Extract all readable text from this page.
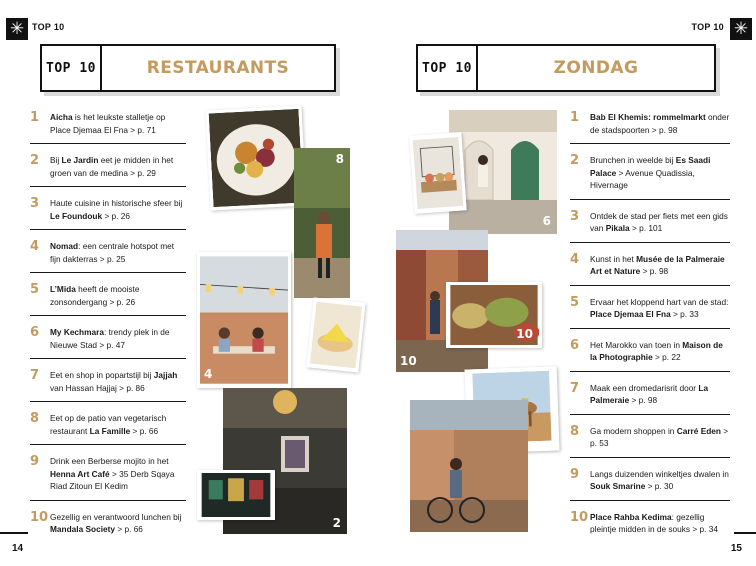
✳ TOP 10	TOP 10 ✳
TOP 10	RESTAURANTS	TOP 10	ZONDAG
1	Aicha is het leukste stalletje op Place Djemaa El Fna > p. 71
2	Bij Le Jardin eet je midden in het groen van de medina > p. 29
3	Haute cuisine in historische sfeer bij Le Foundouk > p. 26
4	Nomad: een centrale hotspot met fijn dakterras > p. 25
5	L’Mida heeft de mooiste zonsondergang > p. 26
6	My Kechmara: trendy plek in de Nieuwe Stad > p. 47
7	Eet en shop in popartstijl bij Jajjah van Hassan Hajjaj > p. 86
8	Eet op de patio van vegetarisch restaurant La Famille > p. 66
9	Drink een Berberse mojito in het Henna Art Café > 35 Derb Sqaya Riad Zitoun El Kedim
10 Gezellig en verantwoord lunchen bij Mandala Society > p. 66
1	Bab El Khemis: rommelmarkt onder de stadspoorten > p. 98
2	Brunchen in weelde bij Es Saadi Palace > Avenue Quadissia, Hivernage
3	Ontdek de stad per fiets met een gids van Pikala > p. 101
4	Kunst in het Musée de la Palmeraie Art et Nature > p. 98
5	Ervaar het kloppend hart van de stad: Place Djemaa El Fna > p. 33
6	Het Marokko van toen in Maison de la Photographie > p. 22
7	Maak een dromedarisrit door La Palmeraie > p. 98
8	Ga modern shoppen in Carré Eden > p. 53
9	Langs duizenden winkeltjes dwalen in Souk Smarine > p. 30
10 Place Rahba Kedima: gezellig pleintje midden in de souks > p. 34
8
4
2
6
10
10
14	15
